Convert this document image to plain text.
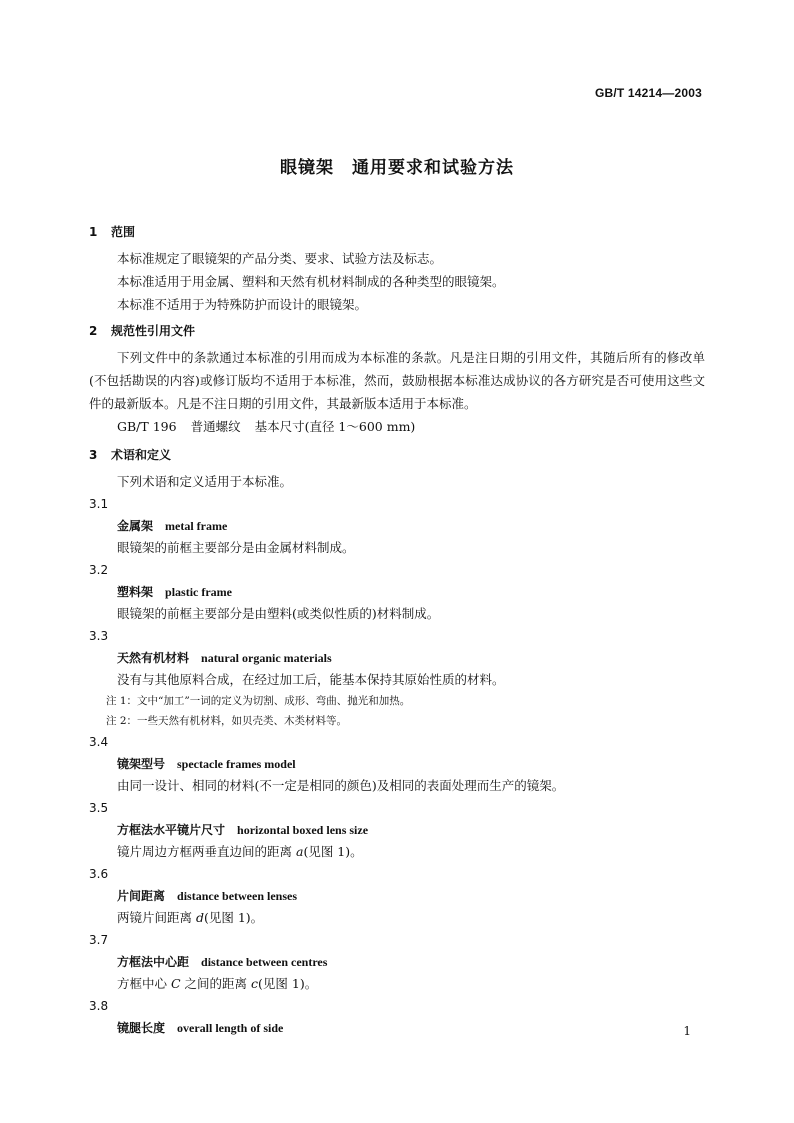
GB/T 14214—2003
眼镜架　通用要求和试验方法
1 范围

本标准规定了眼镜架的产品分类、要求、试验方法及标志。

本标准适用于用金属、塑料和天然有机材料制成的各种类型的眼镜架。

本标准不适用于为特殊防护而设计的眼镜架。

2 规范性引用文件

下列文件中的条款通过本标准的引用而成为本标准的条款。凡是注日期的引用文件，其随后所有的修改单(不包括勘误的内容)或修订版均不适用于本标准，然而，鼓励根据本标准达成协议的各方研究是否可使用这些文件的最新版本。凡是不注日期的引用文件，其最新版本适用于本标准。

GB/T 196 普通螺纹 基本尺寸(直径 1～600 mm)
3 术语和定义

下列术语和定义适用于本标准。

3.1
金属架 metal frame
眼镜架的前框主要部分是由金属材料制成。
3.2
塑料架 plastic frame
眼镜架的前框主要部分是由塑料(或类似性质的)材料制成。
3.3
天然有机材料 natural organic materials
没有与其他原料合成，在经过加工后，能基本保持其原始性质的材料。
注 1：文中“加工”一词的定义为切割、成形、弯曲、抛光和加热。
注 2：一些天然有机材料，如贝壳类、木类材料等。
3.4
镜架型号 spectacle frames model
由同一设计、相同的材料(不一定是相同的颜色)及相同的表面处理而生产的镜架。
3.5
方框法水平镜片尺寸 horizontal boxed lens size
镜片周边方框两垂直边间的距离 a(见图 1)。
3.6
片间距离 distance between lenses
两镜片间距离 d(见图 1)。
3.7
方框法中心距 distance between centres
方框中心 C 之间的距离 c(见图 1)。
3.8
镜腿长度 overall length of side	1
